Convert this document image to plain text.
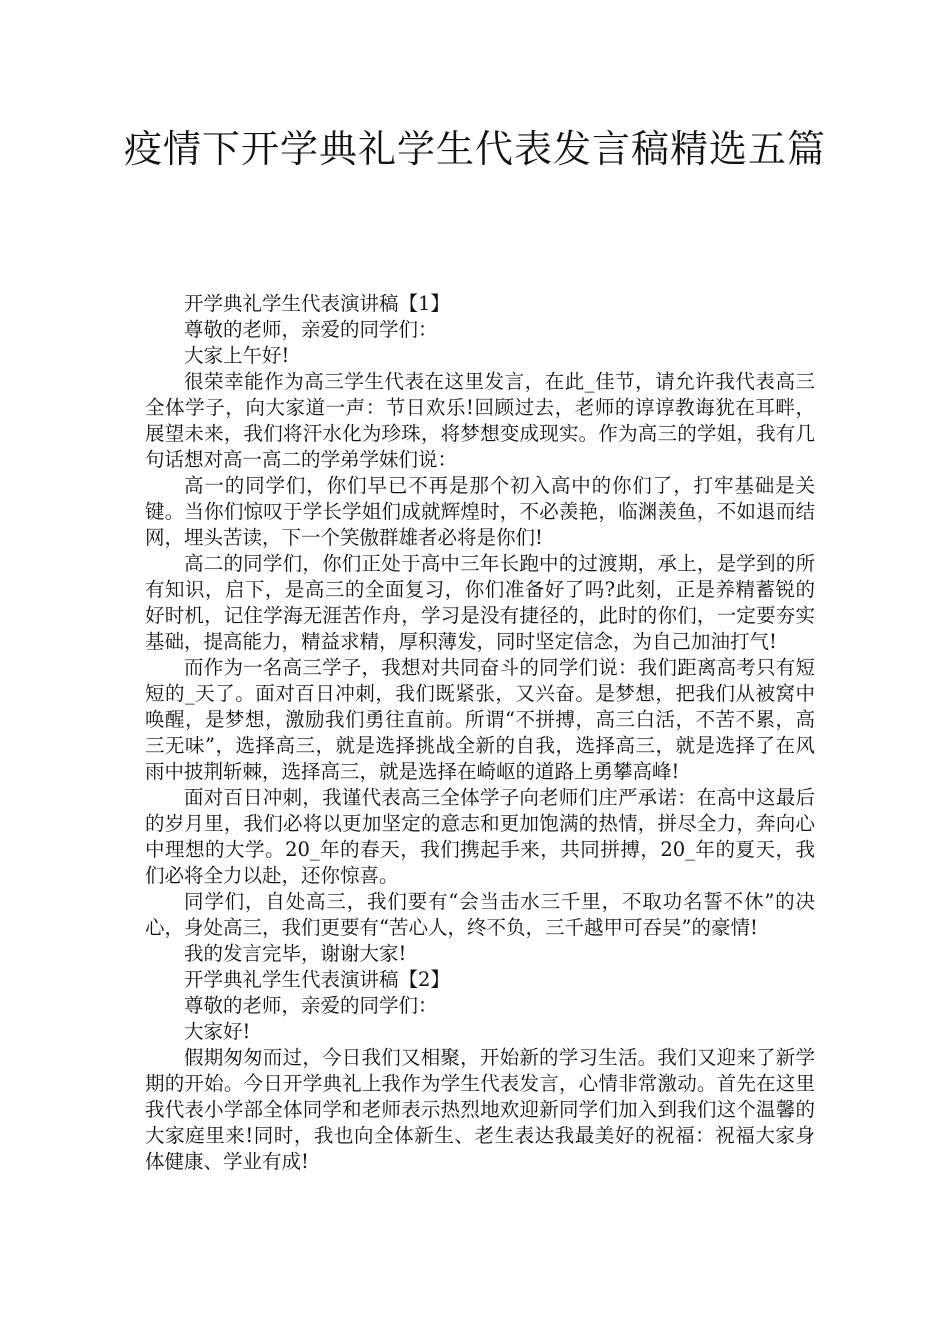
疫情下开学典礼学生代表发言稿精选五篇

开学典礼学生代表演讲稿【1】

尊敬的老师，亲爱的同学们：

大家上午好!

很荣幸能作为高三学生代表在这里发言，在此_佳节，请允许我代表高三全体学子，向大家道一声：节日欢乐!回顾过去，老师的谆谆教诲犹在耳畔，展望未来，我们将汗水化为珍珠，将梦想变成现实。作为高三的学姐，我有几句话想对高一高二的学弟学妹们说：

高一的同学们，你们早已不再是那个初入高中的你们了，打牢基础是关键。当你们惊叹于学长学姐们成就辉煌时，不必羡艳，临渊羡鱼，不如退而结网，埋头苦读，下一个笑傲群雄者必将是你们!

高二的同学们，你们正处于高中三年长跑中的过渡期，承上，是学到的所有知识，启下，是高三的全面复习，你们准备好了吗?此刻，正是养精蓄锐的好时机，记住学海无涯苦作舟，学习是没有捷径的，此时的你们，一定要夯实基础，提高能力，精益求精，厚积薄发，同时坚定信念，为自己加油打气!

而作为一名高三学子，我想对共同奋斗的同学们说：我们距离高考只有短短的_天了。面对百日冲刺，我们既紧张，又兴奋。是梦想，把我们从被窝中唤醒，是梦想，激励我们勇往直前。所谓“不拼搏，高三白活，不苦不累，高三无味”，选择高三，就是选择挑战全新的自我，选择高三，就是选择了在风雨中披荆斩棘，选择高三，就是选择在崎岖的道路上勇攀高峰!

面对百日冲刺，我谨代表高三全体学子向老师们庄严承诺：在高中这最后的岁月里，我们必将以更加坚定的意志和更加饱满的热情，拼尽全力，奔向心中理想的大学。20_年的春天，我们携起手来，共同拼搏，20_年的夏天，我们必将全力以赴，还你惊喜。

同学们，自处高三，我们要有“会当击水三千里，不取功名誓不休”的决心，身处高三，我们更要有“苦心人，终不负，三千越甲可吞吴”的豪情!

我的发言完毕，谢谢大家!

开学典礼学生代表演讲稿【2】

尊敬的老师，亲爱的同学们：

大家好!

假期匆匆而过，今日我们又相聚，开始新的学习生活。我们又迎来了新学期的开始。今日开学典礼上我作为学生代表发言，心情非常激动。首先在这里我代表小学部全体同学和老师表示热烈地欢迎新同学们加入到我们这个温馨的大家庭里来!同时，我也向全体新生、老生表达我最美好的祝福：祝福大家身体健康、学业有成!
